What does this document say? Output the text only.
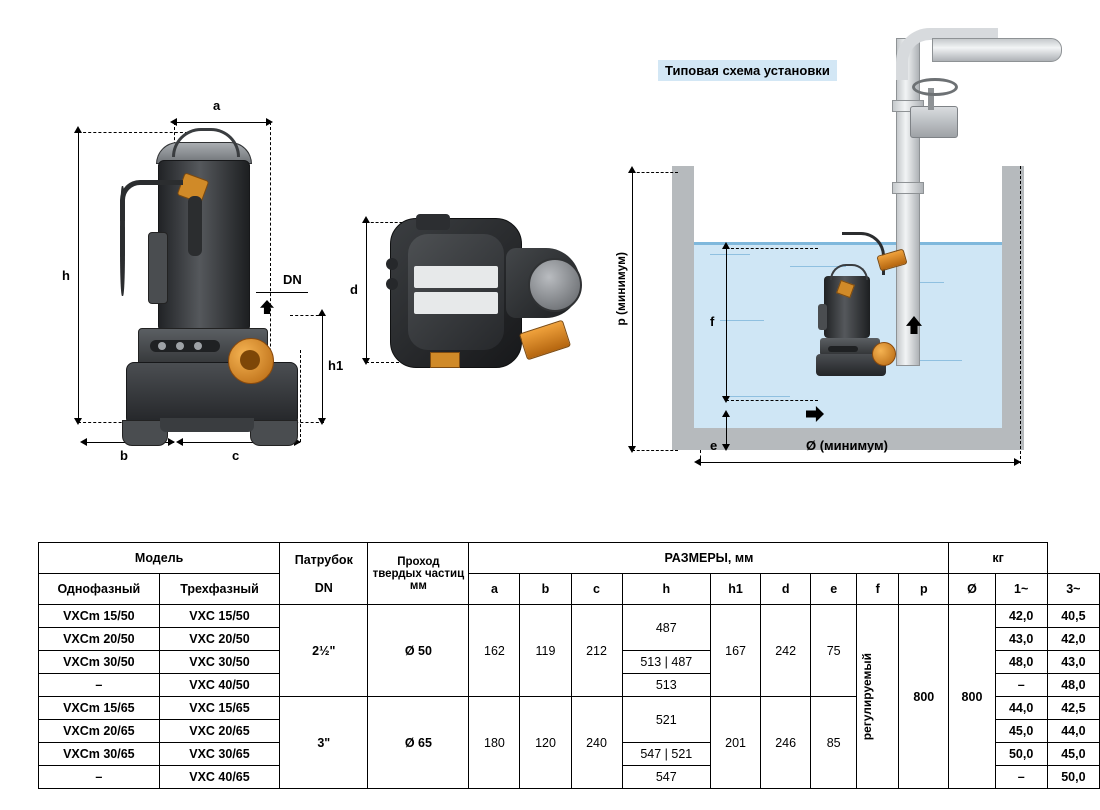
a
h
h1
DN
b	c
d
Типовая схема установки
p (минимум)	f
e	Ø (минимум)
Модель	Патрубок
DN

Проход
твердых частиц
мм
	РАЗМЕРЫ, мм	кг
Однофазный	Трехфазный			a	b	c	h	h1	d	e	f	p	Ø	1~	3~
VXCm 15/50	VXC 15/50	2½"	Ø 50	162	119	212	487	167	242	75	регулируемый	800	800	42,0	40,5
VXCm 20/50	VXC 20/50													43,0	42,0
VXCm 30/50	VXC 30/50						513 | 487							48,0	43,0
–	VXC 40/50						513							–	48,0
VXCm 15/65	VXC 15/65	3"	Ø 65	180	120	240	521	201	246	85				44,0	42,5
VXCm 20/65	VXC 20/65													45,0	44,0
VXCm 30/65	VXC 30/65						547 | 521							50,0	45,0
–	VXC 40/65						547							–	50,0
